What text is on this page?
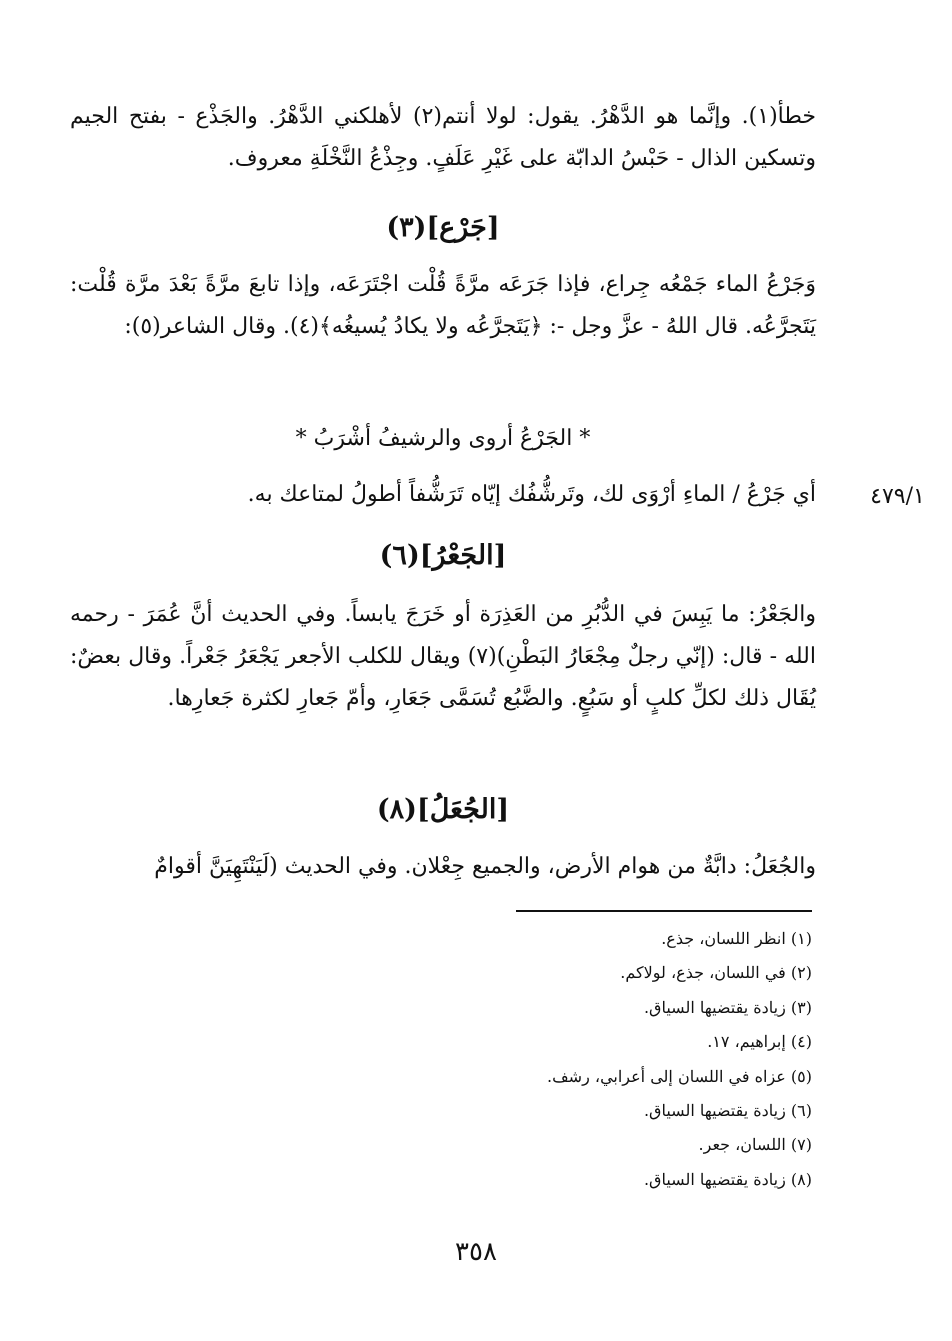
خطأ(١). وإنَّما هو الدَّهْرُ. يقول: لولا أنتم(٢) لأهلكني الدَّهْرُ. والجَذْع - بفتح الجيم وتسكين الذال - حَبْسُ الدابّة على غَيْرِ عَلَفٍ. وجِذْعُ النَّخْلَةِ معروف.
[جَرْع](٣)
وَجَرْعُ الماء جَمْعُه جِراع، فإذا جَرَعَه مرَّةً قُلْت اجْتَرَعَه، وإذا تابعَ مرَّةً بَعْدَ مرَّة قُلْت: يَتَجرَّعُه. قال اللهُ - عزَّ وجل -: ﴿يَتَجرَّعُه ولا يكادُ يُسيغُه﴾(٤). وقال الشاعر(٥):
* الجَرْعُ أروى والرشيفُ أشْرَبُ *
٤٧٩/١
أي جَرْعُ / الماءِ أرْوَى لك، وتَرشُّفُك إيّاه تَرَشُّفاً أطولُ لمتاعك به.
[الجَعْرُ](٦)
والجَعْرُ: ما يَبِسَ في الدُّبُرِ من العَذِرَة أو خَرَجَ يابساً. وفي الحديث أنَّ عُمَرَ - رحمه الله - قال: (إنّي رجلٌ مِجْعَارُ البَطْنِ)(٧) ويقال للكلب الأجعر يَجْعَرُ جَعْراً. وقال بعضٌ: يُقَال ذلك لكلِّ كلبٍ أو سَبُعٍ. والضَّبُع تُسَمَّى جَعَارِ، وأمّ جَعارِ لكثرة جَعارِها.
[الجُعَلُ](٨)
والجُعَلُ: دابَّةٌ من هوام الأرض، والجميع جِعْلان. وفي الحديث (لَيَنْتَهِيَنَّ أقوامٌ
(١) انظر اللسان، جذع.
(٢) في اللسان، جذع، لولاكم.
(٣) زيادة يقتضيها السياق.
(٤) إبراهيم، ١٧.
(٥) عزاه في اللسان إلى أعرابي، رشف.
(٦) زيادة يقتضيها السياق.
(٧) اللسان، جعر.
(٨) زيادة يقتضيها السياق.
٣٥٨
